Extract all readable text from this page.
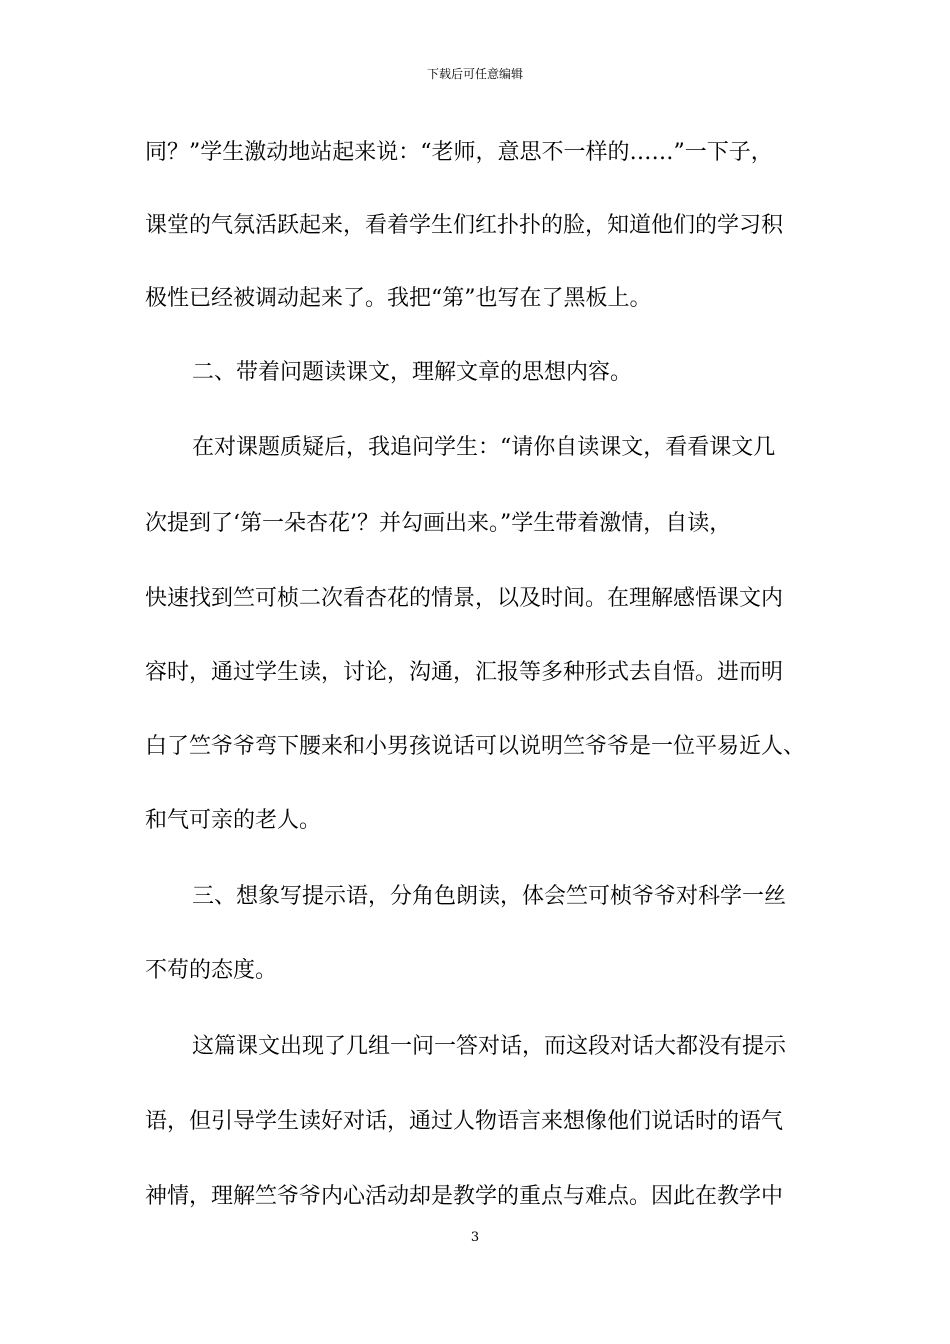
下载后可任意编辑
同？”学生激动地站起来说：“老师，意思不一样的……”一下子，
课堂的气氛活跃起来，看着学生们红扑扑的脸，知道他们的学习积
极性已经被调动起来了。我把“第”也写在了黑板上。
二、带着问题读课文，理解文章的思想内容。
在对课题质疑后，我追问学生：“请你自读课文，看看课文几
次提到了‘第一朵杏花’？并勾画出来。”学生带着激情，自读，
快速找到竺可桢二次看杏花的情景，以及时间。在理解感悟课文内
容时，通过学生读，讨论，沟通，汇报等多种形式去自悟。进而明
白了竺爷爷弯下腰来和小男孩说话可以说明竺爷爷是一位平易近人、
和气可亲的老人。
三、想象写提示语，分角色朗读，体会竺可桢爷爷对科学一丝
不苟的态度。
这篇课文出现了几组一问一答对话，而这段对话大都没有提示
语，但引导学生读好对话，通过人物语言来想像他们说话时的语气
神情，理解竺爷爷内心活动却是教学的重点与难点。因此在教学中
3
